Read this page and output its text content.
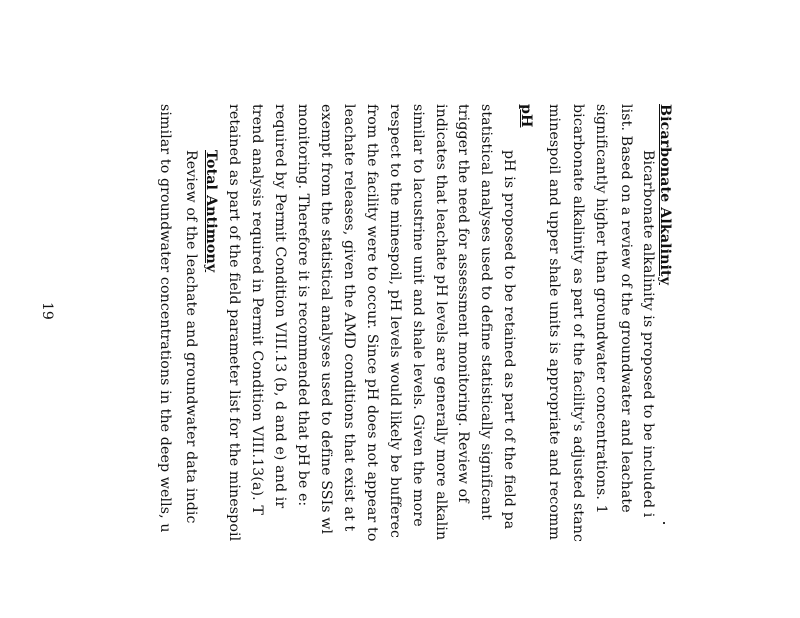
Bicarbonate Alkalinity
Bicarbonate alkalinity is proposed to be included i
list. Based on a review of the groundwater and leachate
significantly higher than groundwater concentrations. 1
bicarbonate alkalinity as part of the facility's adjusted stanc
minespoil and upper shale units is appropriate and recomm
pH
pH is proposed to be retained as part of the field pa
statistical analyses used to define statistically significant
trigger the need for assessment monitoring. Review of
indicates that leachate pH levels are generally more alkalin
similar to lacustrine unit and shale levels. Given the more
respect to the minespoil, pH levels would likely be bufferec
from the facility were to occur. Since pH does not appear to
leachate releases, given the AMD conditions that exist at t
exempt from the statistical analyses used to define SSIs wl
monitoring. Therefore it is recommended that pH be e:
required by Permit Condition VIII.13 (b, d and e) and ir
trend analysis required in Permit Condition VIII.13(a). T
retained as part of the field parameter list for the minespoil
Total Antimony
Review of the leachate and groundwater data indic
similar to groundwater concentrations in the deep wells, u
19
